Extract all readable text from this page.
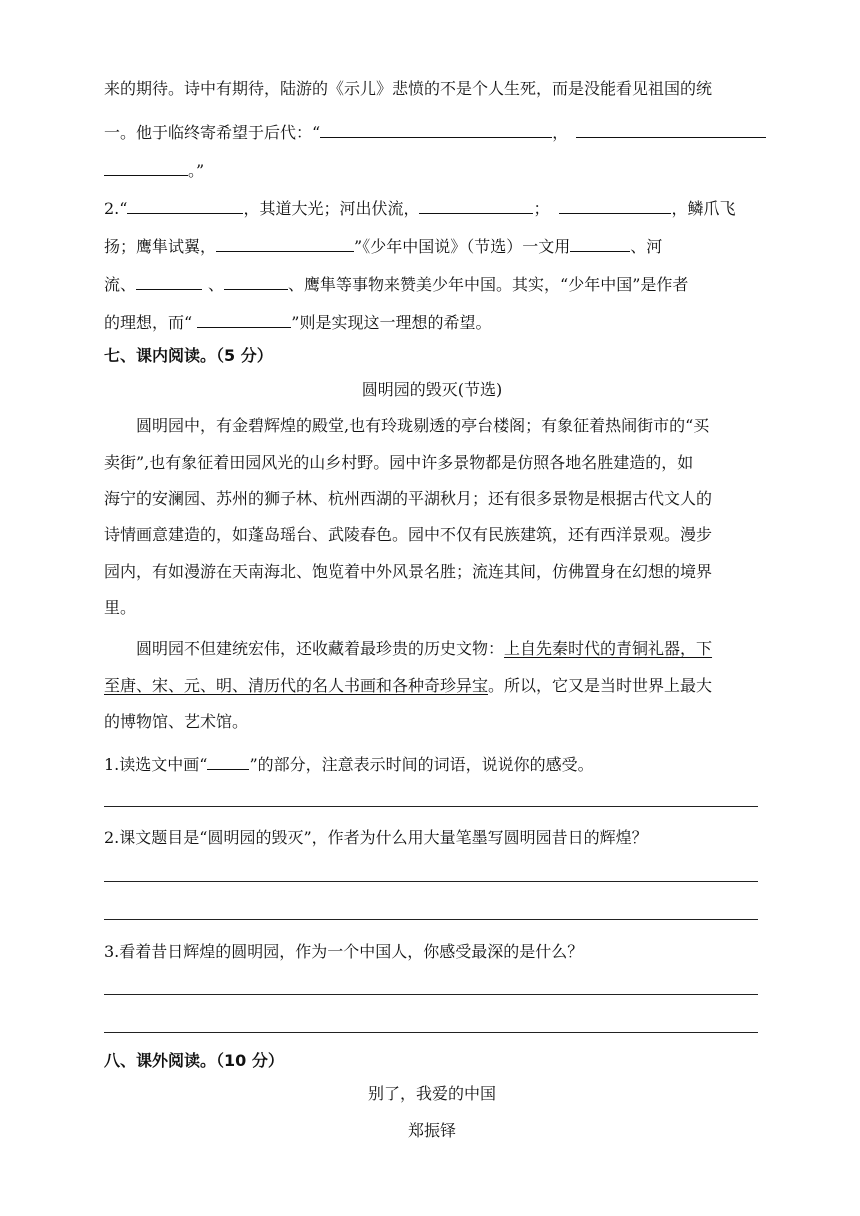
来的期待。诗中有期待，陆游的《示儿》悲愤的不是个人生死，而是没能看见祖国的统
一。他于临终寄希望于后代：“	，
。”
2.“	，其道大光；河出伏流，	；	，鳞爪飞
扬；鹰隼试翼，	”《少年中国说》（节选）一文用	、河
流、	、	、鹰隼等事物来赞美少年中国。其实，“少年中国”是作者
的理想，而“	”则是实现这一理想的希望。
七、课内阅读。（5 分）
圆明园的毁灭(节选)
圆明园中，有金碧辉煌的殿堂,也有玲珑剔透的亭台楼阁；有象征着热闹街市的“买
卖街”,也有象征着田园风光的山乡村野。园中许多景物都是仿照各地名胜建造的，如
海宁的安澜园、苏州的狮子林、杭州西湖的平湖秋月；还有很多景物是根据古代文人的
诗情画意建造的，如蓬岛瑶台、武陵春色。园中不仅有民族建筑，还有西洋景观。漫步
园内，有如漫游在天南海北、饱览着中外风景名胜；流连其间，仿佛置身在幻想的境界
里。
圆明园不但建统宏伟，还收藏着最珍贵的历史文物：上自先秦时代的青铜礼器，下
至唐、宋、元、明、清历代的名人书画和各种奇珍异宝。所以，它又是当时世界上最大
的博物馆、艺术馆。
1.读选文中画“	”的部分，注意表示时间的词语，说说你的感受。
2.课文题目是“圆明园的毁灭”，作者为什么用大量笔墨写圆明园昔日的辉煌？
3.看着昔日辉煌的圆明园，作为一个中国人，你感受最深的是什么？
八、课外阅读。（10 分）
别了，我爱的中国
郑振铎
